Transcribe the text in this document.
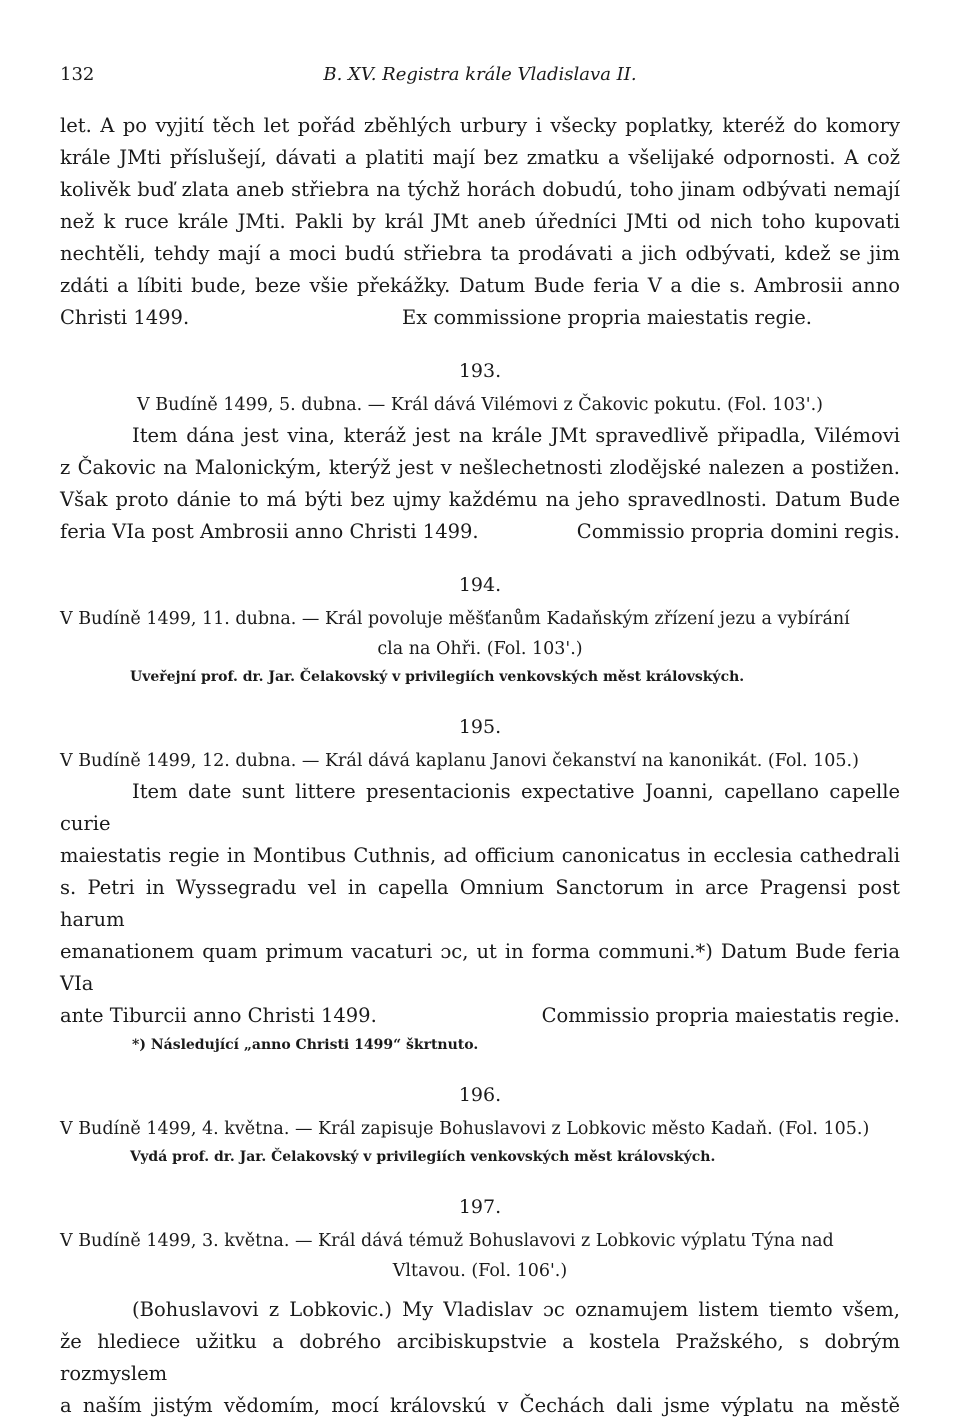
132	B. XV. Registra krále Vladislava II.

let. A po vyjití těch let pořád zběhlých urbury i všecky poplatky, kteréž do komory

krále JMti příslušejí, dávati a platiti mají bez zmatku a všelijaké odpornosti. A což

kolivěk buď zlata aneb střiebra na týchž horách dobudú, toho jinam odbývati nemají

než k ruce krále JMti. Pakli by král JMt aneb úředníci JMti od nich toho kupovati

nechtěli, tehdy mají a moci budú střiebra ta prodávati a jich odbývati, kdež se jim

zdáti a líbiti bude, beze všie překážky. Datum Bude feria V a die s. Ambrosii anno

Christi 1499.	Ex commissione propria maiestatis regie.
193.

V Budíně 1499, 5. dubna. — Král dává Vilémovi z Čakovic pokutu. (Fol. 103'.)

Item dána jest vina, kteráž jest na krále JMt spravedlivě připadla, Vilémovi

z Čakovic na Malonickým, kterýž jest v nešlechetnosti zlodějské nalezen a postižen.

Však proto dánie to má býti bez ujmy každému na jeho spravedlnosti. Datum Bude

feria VIa post Ambrosii anno Christi 1499.	Commissio propria domini regis.
194.

V Budíně 1499, 11. dubna. — Král povoluje měšťanům Kadaňským zřízení jezu a vybírání

cla na Ohři. (Fol. 103'.)

Uveřejní prof. dr. Jar. Čelakovský v privilegiích venkovských měst královských.

195.

V Budíně 1499, 12. dubna. — Král dává kaplanu Janovi čekanství na kanonikát. (Fol. 105.)

Item date sunt littere presentacionis expectative Joanni, capellano capelle curie

maiestatis regie in Montibus Cuthnis, ad officium canonicatus in ecclesia cathedrali

s. Petri in Wyssegradu vel in capella Omnium Sanctorum in arce Pragensi post harum

emanationem quam primum vacaturi ɔc, ut in forma communi.*) Datum Bude feria VIa

ante Tiburcii anno Christi 1499.	Commissio propria maiestatis regie.

*) Následující „anno Christi 1499“ škrtnuto.

196.

V Budíně 1499, 4. května. — Král zapisuje Bohuslavovi z Lobkovic město Kadaň. (Fol. 105.)

Vydá prof. dr. Jar. Čelakovský v privilegiích venkovských měst královských.

197.

V Budíně 1499, 3. května. — Král dává témuž Bohuslavovi z Lobkovic výplatu Týna nad

Vltavou. (Fol. 106'.)

(Bohuslavovi z Lobkovic.) My Vladislav ɔc oznamujem listem tiemto všem,

že hlediece užitku a dobrého arcibiskupstvie a kostela Pražského, s dobrým rozmyslem

a naším jistým vědomím, mocí královskú v Čechách dali jsme výplatu na městě
